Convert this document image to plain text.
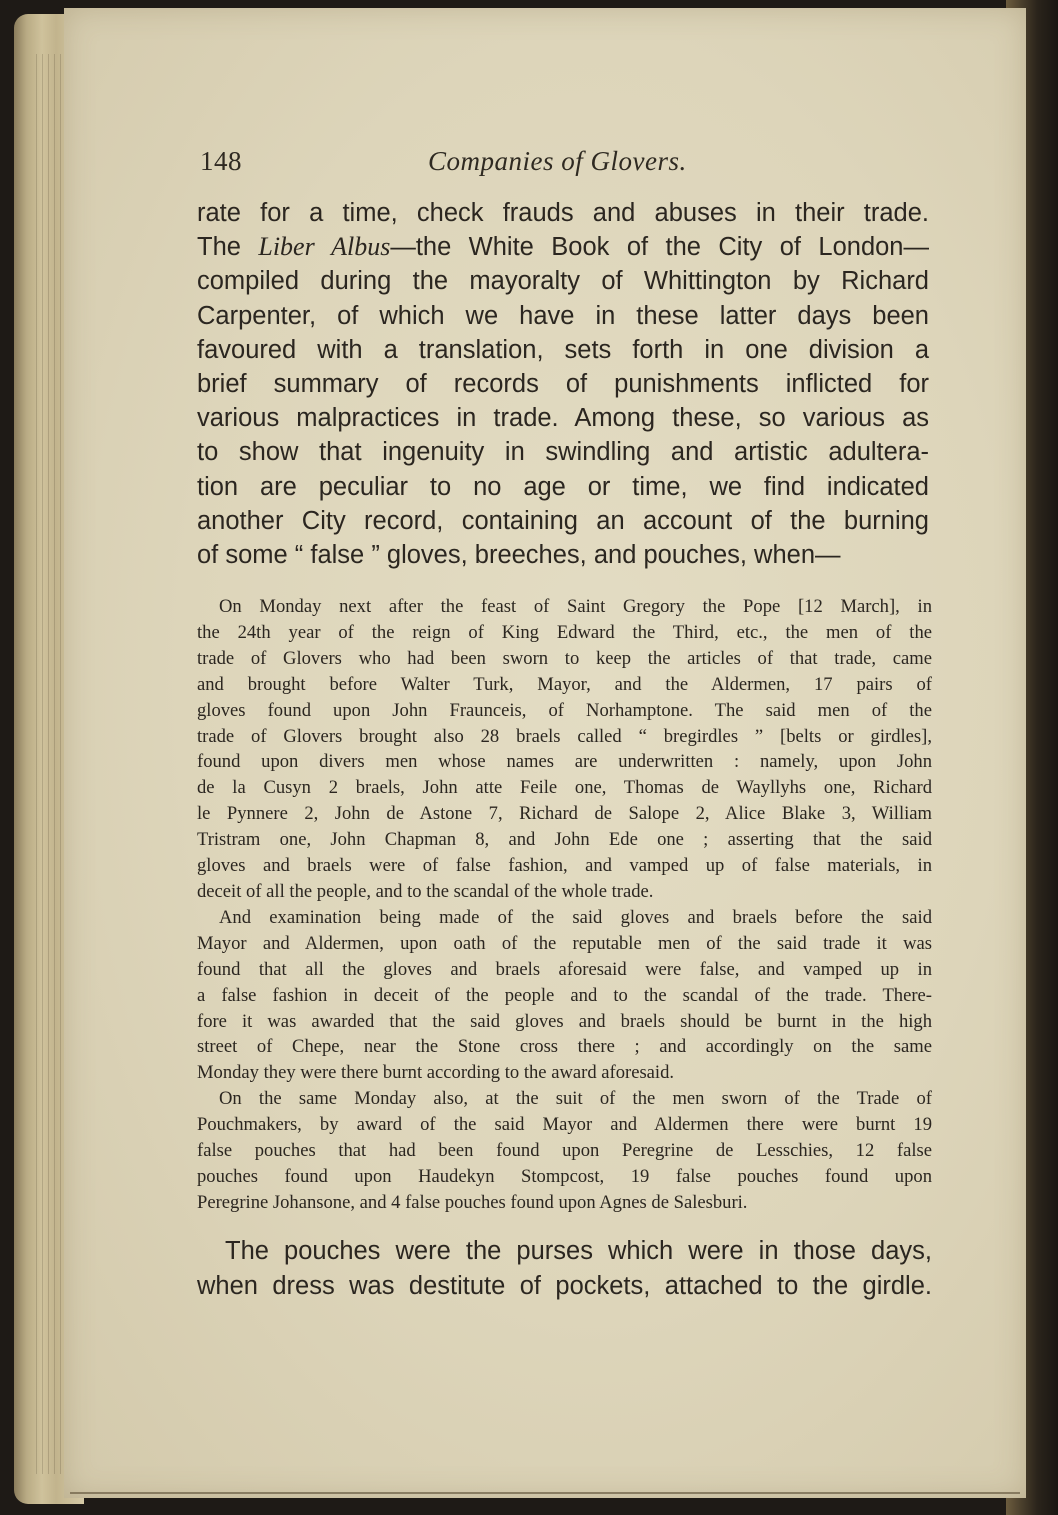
148	Companies of Glovers.
rate for a time, check frauds and abuses in their trade.
The Liber Albus—the White Book of the City of London—
compiled during the mayoralty of Whittington by Richard
Carpenter, of which we have in these latter days been
favoured with a translation, sets forth in one division a
brief summary of records of punishments inflicted for
various malpractices in trade. Among these, so various as
to show that ingenuity in swindling and artistic adultera-
tion are peculiar to no age or time, we find indicated
another City record, containing an account of the burning
of some “ false ” gloves, breeches, and pouches, when—
On Monday next after the feast of Saint Gregory the Pope [12 March], in
the 24th year of the reign of King Edward the Third, etc., the men of the
trade of Glovers who had been sworn to keep the articles of that trade, came
and brought before Walter Turk, Mayor, and the Aldermen, 17 pairs of
gloves found upon John Fraunceis, of Norhamptone. The said men of the
trade of Glovers brought also 28 braels called “ bregirdles ” [belts or girdles],
found upon divers men whose names are underwritten : namely, upon John
de la Cusyn 2 braels, John atte Feile one, Thomas de Wayllyhs one, Richard
le Pynnere 2, John de Astone 7, Richard de Salope 2, Alice Blake 3, William
Tristram one, John Chapman 8, and John Ede one ; asserting that the said
gloves and braels were of false fashion, and vamped up of false materials, in
deceit of all the people, and to the scandal of the whole trade.
And examination being made of the said gloves and braels before the said
Mayor and Aldermen, upon oath of the reputable men of the said trade it was
found that all the gloves and braels aforesaid were false, and vamped up in
a false fashion in deceit of the people and to the scandal of the trade. There-
fore it was awarded that the said gloves and braels should be burnt in the high
street of Chepe, near the Stone cross there ; and accordingly on the same
Monday they were there burnt according to the award aforesaid.
On the same Monday also, at the suit of the men sworn of the Trade of
Pouchmakers, by award of the said Mayor and Aldermen there were burnt 19
false pouches that had been found upon Peregrine de Lesschies, 12 false
pouches found upon Haudekyn Stompcost, 19 false pouches found upon
Peregrine Johansone, and 4 false pouches found upon Agnes de Salesburi.
The pouches were the purses which were in those days,
when dress was destitute of pockets, attached to the girdle.
